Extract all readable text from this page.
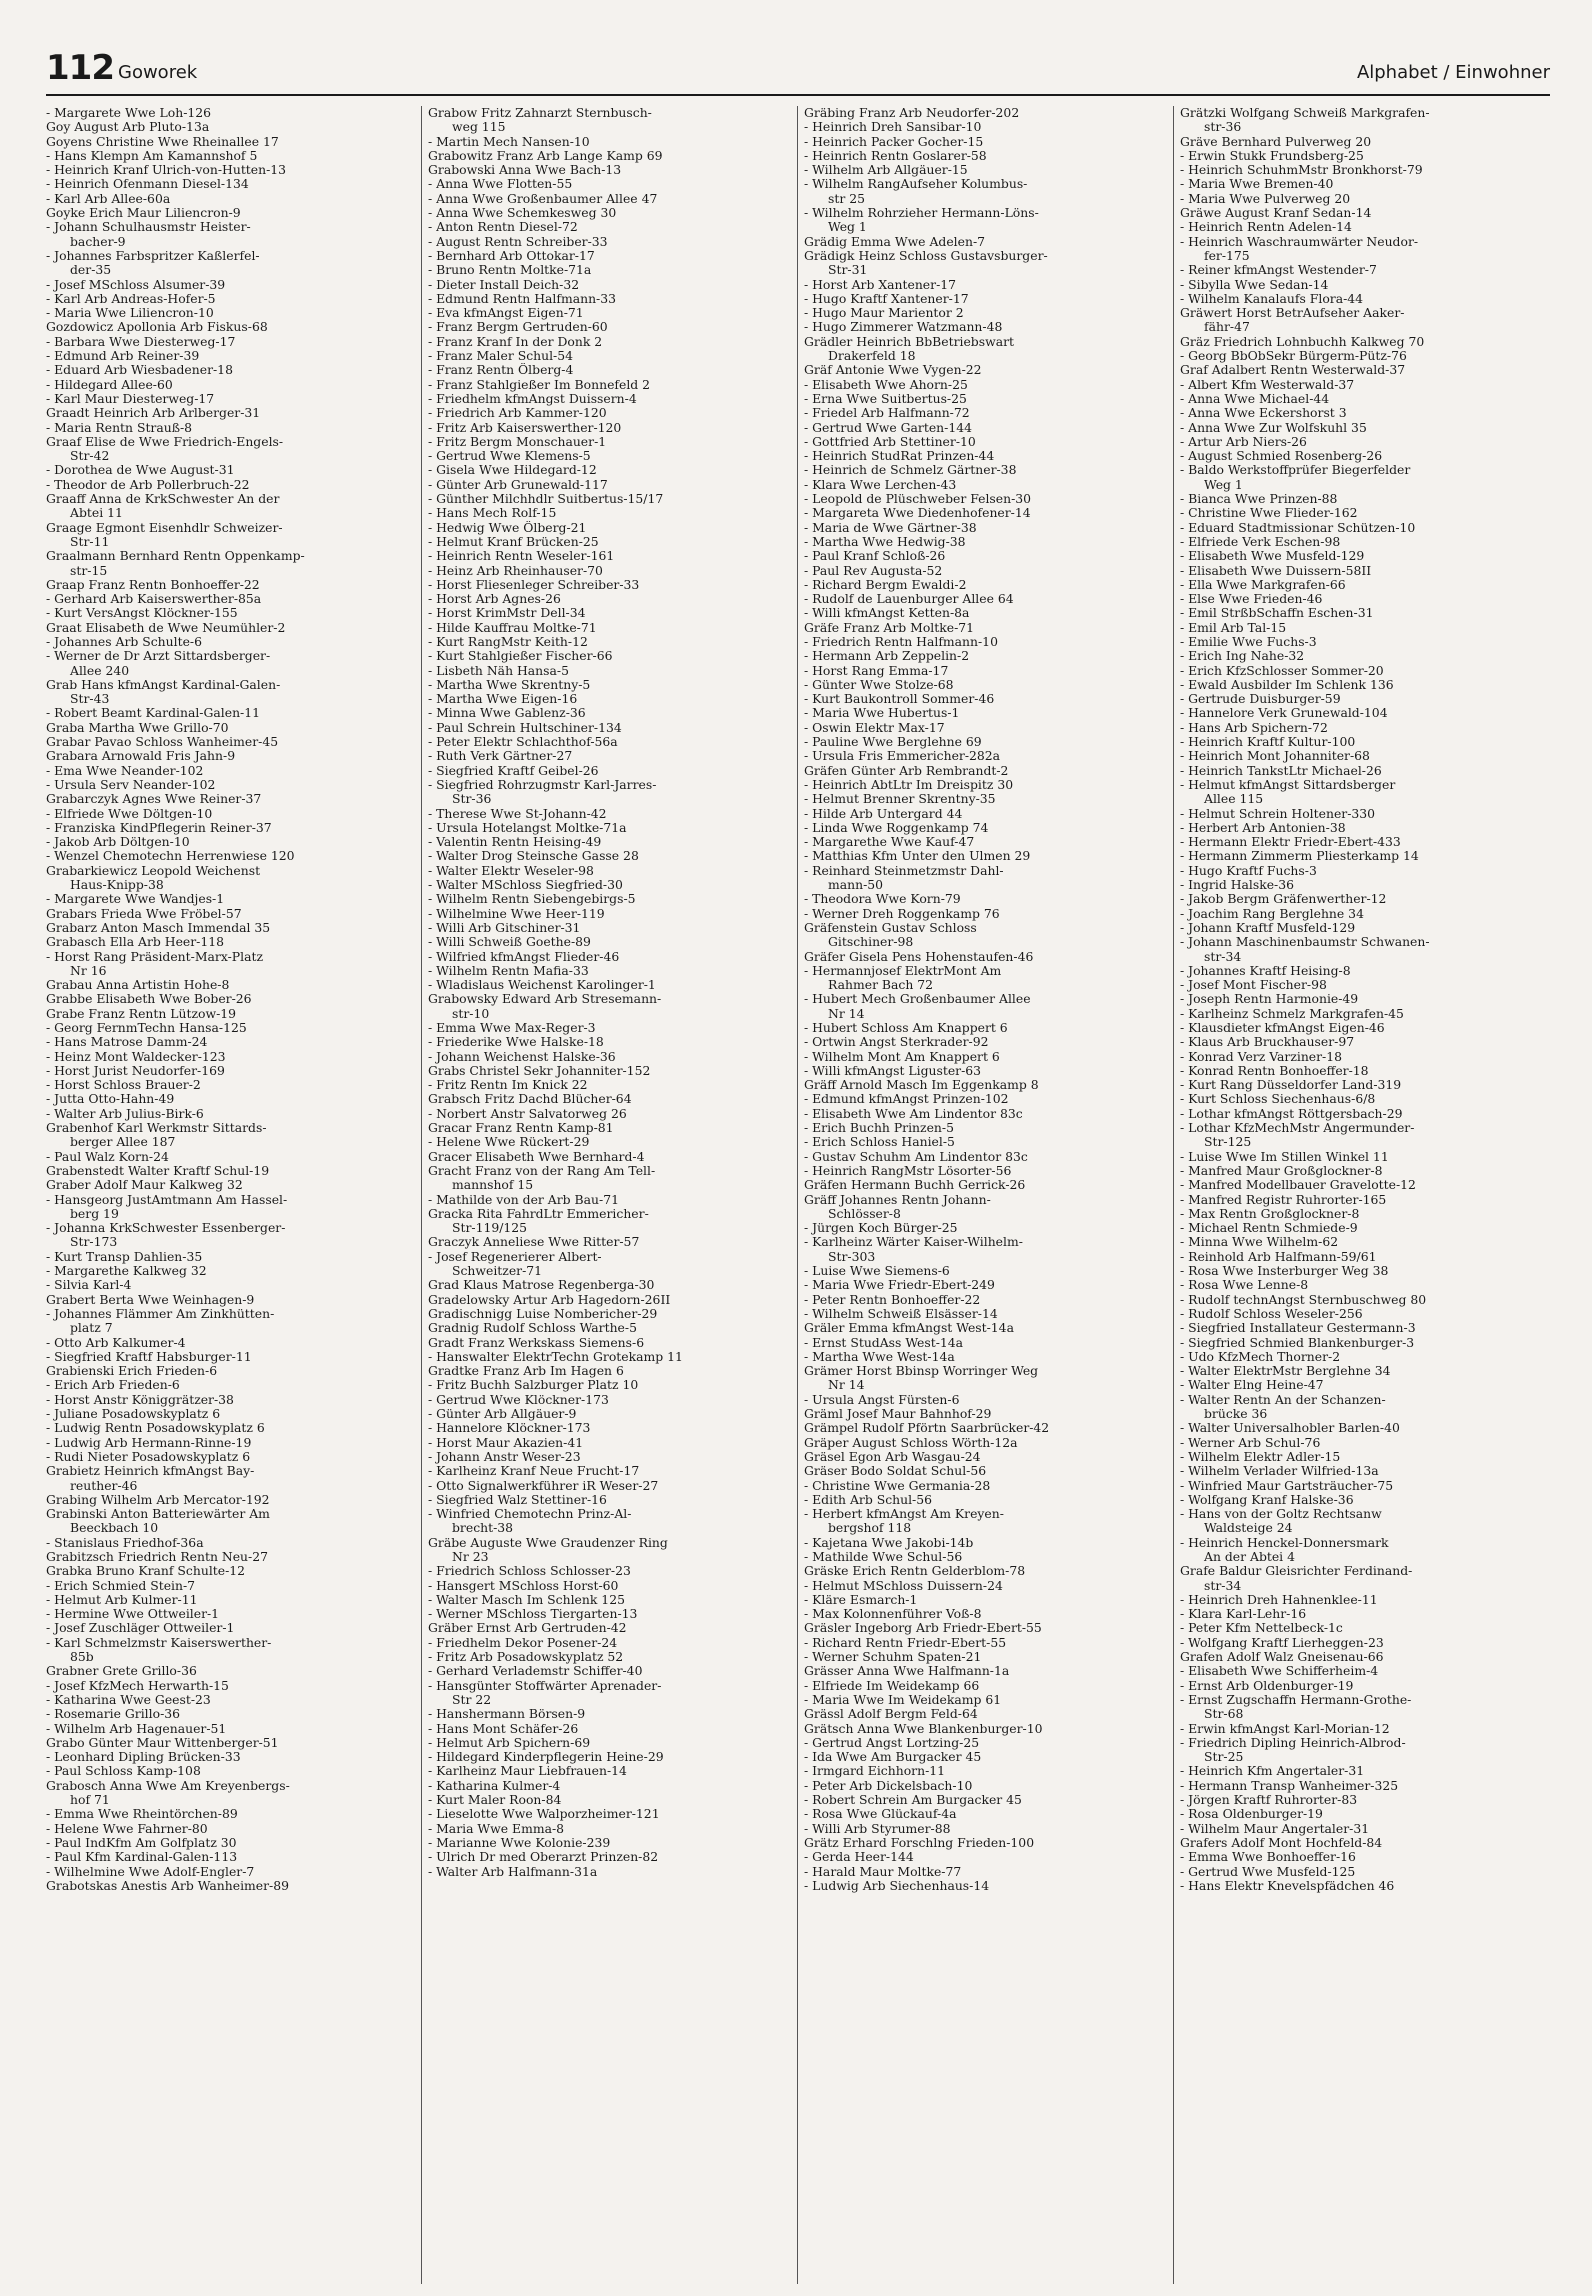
112 Goworek	Alphabet / Einwohner
- Margarete Wwe Loh-126
Goy August Arb Pluto-13a
Goyens Christine Wwe Rheinallee 17
- Hans Klempn Am Kamannshof 5
- Heinrich Kranf Ulrich-von-Hutten-13
- Heinrich Ofenmann Diesel-134
- Karl Arb Allee-60a
Goyke Erich Maur Liliencron-9
- Johann Schulhausmstr Heister-
bacher-9
- Johannes Farbspritzer Kaßlerfel-
der-35
- Josef MSchloss Alsumer-39
- Karl Arb Andreas-Hofer-5
- Maria Wwe Liliencron-10
Gozdowicz Apollonia Arb Fiskus-68
- Barbara Wwe Diesterweg-17
- Edmund Arb Reiner-39
- Eduard Arb Wiesbadener-18
- Hildegard Allee-60
- Karl Maur Diesterweg-17
Graadt Heinrich Arb Arlberger-31
- Maria Rentn Strauß-8
Graaf Elise de Wwe Friedrich-Engels-
Str-42
- Dorothea de Wwe August-31
- Theodor de Arb Pollerbruch-22
Graaff Anna de KrkSchwester An der
Abtei 11
Graage Egmont Eisenhdlr Schweizer-
Str-11
Graalmann Bernhard Rentn Oppenkamp-
str-15
Graap Franz Rentn Bonhoeffer-22
- Gerhard Arb Kaiserswerther-85a
- Kurt VersAngst Klöckner-155
Graat Elisabeth de Wwe Neumühler-2
- Johannes Arb Schulte-6
- Werner de Dr Arzt Sittardsberger-
Allee 240
Grab Hans kfmAngst Kardinal-Galen-
Str-43
- Robert Beamt Kardinal-Galen-11
Graba Martha Wwe Grillo-70
Grabar Pavao Schloss Wanheimer-45
Grabara Arnowald Fris Jahn-9
- Ema Wwe Neander-102
- Ursula Serv Neander-102
Grabarczyk Agnes Wwe Reiner-37
- Elfriede Wwe Döltgen-10
- Franziska KindPflegerin Reiner-37
- Jakob Arb Döltgen-10
- Wenzel Chemotechn Herrenwiese 120
Grabarkiewicz Leopold Weichenst
Haus-Knipp-38
- Margarete Wwe Wandjes-1
Grabars Frieda Wwe Fröbel-57
Grabarz Anton Masch Immendal 35
Grabasch Ella Arb Heer-118
- Horst Rang Präsident-Marx-Platz
Nr 16
Grabau Anna Artistin Hohe-8
Grabbe Elisabeth Wwe Bober-26
Grabe Franz Rentn Lützow-19
- Georg FernmTechn Hansa-125
- Hans Matrose Damm-24
- Heinz Mont Waldecker-123
- Horst Jurist Neudorfer-169
- Horst Schloss Brauer-2
- Jutta Otto-Hahn-49
- Walter Arb Julius-Birk-6
Grabenhof Karl Werkmstr Sittards-
berger Allee 187
- Paul Walz Korn-24
Grabenstedt Walter Kraftf Schul-19
Graber Adolf Maur Kalkweg 32
- Hansgeorg JustAmtmann Am Hassel-
berg 19
- Johanna KrkSchwester Essenberger-
Str-173
- Kurt Transp Dahlien-35
- Margarethe Kalkweg 32
- Silvia Karl-4
Grabert Berta Wwe Weinhagen-9
- Johannes Flämmer Am Zinkhütten-
platz 7
- Otto Arb Kalkumer-4
- Siegfried Kraftf Habsburger-11
Grabienski Erich Frieden-6
- Erich Arb Frieden-6
- Horst Anstr Königgrätzer-38
- Juliane Posadowskyplatz 6
- Ludwig Rentn Posadowskyplatz 6
- Ludwig Arb Hermann-Rinne-19
- Rudi Nieter Posadowskyplatz 6
Grabietz Heinrich kfmAngst Bay-
reuther-46
Grabing Wilhelm Arb Mercator-192
Grabinski Anton Batteriewärter Am
Beeckbach 10
- Stanislaus Friedhof-36a
Grabitzsch Friedrich Rentn Neu-27
Grabka Bruno Kranf Schulte-12
- Erich Schmied Stein-7
- Helmut Arb Kulmer-11
- Hermine Wwe Ottweiler-1
- Josef Zuschläger Ottweiler-1
- Karl Schmelzmstr Kaiserswerther-
85b
Grabner Grete Grillo-36
- Josef KfzMech Herwarth-15
- Katharina Wwe Geest-23
- Rosemarie Grillo-36
- Wilhelm Arb Hagenauer-51
Grabo Günter Maur Wittenberger-51
- Leonhard Dipling Brücken-33
- Paul Schloss Kamp-108
Grabosch Anna Wwe Am Kreyenbergs-
hof 71
- Emma Wwe Rheintörchen-89
- Helene Wwe Fahrner-80
- Paul IndKfm Am Golfplatz 30
- Paul Kfm Kardinal-Galen-113
- Wilhelmine Wwe Adolf-Engler-7
Grabotskas Anestis Arb Wanheimer-89
Grabow Fritz Zahnarzt Sternbusch-
weg 115
- Martin Mech Nansen-10
Grabowitz Franz Arb Lange Kamp 69
Grabowski Anna Wwe Bach-13
- Anna Wwe Flotten-55
- Anna Wwe Großenbaumer Allee 47
- Anna Wwe Schemkesweg 30
- Anton Rentn Diesel-72
- August Rentn Schreiber-33
- Bernhard Arb Ottokar-17
- Bruno Rentn Moltke-71a
- Dieter Install Deich-32
- Edmund Rentn Halfmann-33
- Eva kfmAngst Eigen-71
- Franz Bergm Gertruden-60
- Franz Kranf In der Donk 2
- Franz Maler Schul-54
- Franz Rentn Ölberg-4
- Franz Stahlgießer Im Bonnefeld 2
- Friedhelm kfmAngst Duissern-4
- Friedrich Arb Kammer-120
- Fritz Arb Kaiserswerther-120
- Fritz Bergm Monschauer-1
- Gertrud Wwe Klemens-5
- Gisela Wwe Hildegard-12
- Günter Arb Grunewald-117
- Günther Milchhdlr Suitbertus-15/17
- Hans Mech Rolf-15
- Hedwig Wwe Ölberg-21
- Helmut Kranf Brücken-25
- Heinrich Rentn Weseler-161
- Heinz Arb Rheinhauser-70
- Horst Fliesenleger Schreiber-33
- Horst Arb Agnes-26
- Horst KrimMstr Dell-34
- Hilde Kauffrau Moltke-71
- Kurt RangMstr Keith-12
- Kurt Stahlgießer Fischer-66
- Lisbeth Näh Hansa-5
- Martha Wwe Skrentny-5
- Martha Wwe Eigen-16
- Minna Wwe Gablenz-36
- Paul Schrein Hultschiner-134
- Peter Elektr Schlachthof-56a
- Ruth Verk Gärtner-27
- Siegfried Kraftf Geibel-26
- Siegfried Rohrzugmstr Karl-Jarres-
Str-36
- Therese Wwe St-Johann-42
- Ursula Hotelangst Moltke-71a
- Valentin Rentn Heising-49
- Walter Drog Steinsche Gasse 28
- Walter Elektr Weseler-98
- Walter MSchloss Siegfried-30
- Wilhelm Rentn Siebengebirgs-5
- Wilhelmine Wwe Heer-119
- Willi Arb Gitschiner-31
- Willi Schweiß Goethe-89
- Wilfried kfmAngst Flieder-46
- Wilhelm Rentn Mafia-33
- Wladislaus Weichenst Karolinger-1
Grabowsky Edward Arb Stresemann-
str-10
- Emma Wwe Max-Reger-3
- Friederike Wwe Halske-18
- Johann Weichenst Halske-36
Grabs Christel Sekr Johanniter-152
- Fritz Rentn Im Knick 22
Grabsch Fritz Dachd Blücher-64
- Norbert Anstr Salvatorweg 26
Gracar Franz Rentn Kamp-81
- Helene Wwe Rückert-29
Gracer Elisabeth Wwe Bernhard-4
Gracht Franz von der Rang Am Tell-
mannshof 15
- Mathilde von der Arb Bau-71
Gracka Rita FahrdLtr Emmericher-
Str-119/125
Graczyk Anneliese Wwe Ritter-57
- Josef Regenerierer Albert-
Schweitzer-71
Grad Klaus Matrose Regenberga-30
Gradelowsky Artur Arb Hagedorn-26II
Gradischnigg Luise Nombericher-29
Gradnig Rudolf Schloss Warthe-5
Gradt Franz Werkskass Siemens-6
- Hanswalter ElektrTechn Grotekamp 11
Gradtke Franz Arb Im Hagen 6
- Fritz Buchh Salzburger Platz 10
- Gertrud Wwe Klöckner-173
- Günter Arb Allgäuer-9
- Hannelore Klöckner-173
- Horst Maur Akazien-41
- Johann Anstr Weser-23
- Karlheinz Kranf Neue Frucht-17
- Otto Signalwerkführer iR Weser-27
- Siegfried Walz Stettiner-16
- Winfried Chemotechn Prinz-Al-
brecht-38
Gräbe Auguste Wwe Graudenzer Ring
Nr 23
- Friedrich Schloss Schlosser-23
- Hansgert MSchloss Horst-60
- Walter Masch Im Schlenk 125
- Werner MSchloss Tiergarten-13
Gräber Ernst Arb Gertruden-42
- Friedhelm Dekor Posener-24
- Fritz Arb Posadowskyplatz 52
- Gerhard Verlademstr Schiffer-40
- Hansgünter Stoffwärter Aprenader-
Str 22
- Hanshermann Börsen-9
- Hans Mont Schäfer-26
- Helmut Arb Spichern-69
- Hildegard Kinderpflegerin Heine-29
- Karlheinz Maur Liebfrauen-14
- Katharina Kulmer-4
- Kurt Maler Roon-84
- Lieselotte Wwe Walporzheimer-121
- Maria Wwe Emma-8
- Marianne Wwe Kolonie-239
- Ulrich Dr med Oberarzt Prinzen-82
- Walter Arb Halfmann-31a
Gräbing Franz Arb Neudorfer-202
- Heinrich Dreh Sansibar-10
- Heinrich Packer Gocher-15
- Heinrich Rentn Goslarer-58
- Wilhelm Arb Allgäuer-15
- Wilhelm RangAufseher Kolumbus-
str 25
- Wilhelm Rohrzieher Hermann-Löns-
Weg 1
Grädig Emma Wwe Adelen-7
Grädigk Heinz Schloss Gustavsburger-
Str-31
- Horst Arb Xantener-17
- Hugo Kraftf Xantener-17
- Hugo Maur Marientor 2
- Hugo Zimmerer Watzmann-48
Grädler Heinrich BbBetriebswart
Drakerfeld 18
Gräf Antonie Wwe Vygen-22
- Elisabeth Wwe Ahorn-25
- Erna Wwe Suitbertus-25
- Friedel Arb Halfmann-72
- Gertrud Wwe Garten-144
- Gottfried Arb Stettiner-10
- Heinrich StudRat Prinzen-44
- Heinrich de Schmelz Gärtner-38
- Klara Wwe Lerchen-43
- Leopold de Plüschweber Felsen-30
- Margareta Wwe Diedenhofener-14
- Maria de Wwe Gärtner-38
- Martha Wwe Hedwig-38
- Paul Kranf Schloß-26
- Paul Rev Augusta-52
- Richard Bergm Ewaldi-2
- Rudolf de Lauenburger Allee 64
- Willi kfmAngst Ketten-8a
Gräfe Franz Arb Moltke-71
- Friedrich Rentn Halfmann-10
- Hermann Arb Zeppelin-2
- Horst Rang Emma-17
- Günter Wwe Stolze-68
- Kurt Baukontroll Sommer-46
- Maria Wwe Hubertus-1
- Oswin Elektr Max-17
- Pauline Wwe Berglehne 69
- Ursula Fris Emmericher-282a
Gräfen Günter Arb Rembrandt-2
- Heinrich AbtLtr Im Dreispitz 30
- Helmut Brenner Skrentny-35
- Hilde Arb Untergard 44
- Linda Wwe Roggenkamp 74
- Margarethe Wwe Kauf-47
- Matthias Kfm Unter den Ulmen 29
- Reinhard Steinmetzmstr Dahl-
mann-50
- Theodora Wwe Korn-79
- Werner Dreh Roggenkamp 76
Gräfenstein Gustav Schloss
Gitschiner-98
Gräfer Gisela Pens Hohenstaufen-46
- Hermannjosef ElektrMont Am
Rahmer Bach 72
- Hubert Mech Großenbaumer Allee
Nr 14
- Hubert Schloss Am Knappert 6
- Ortwin Angst Sterkrader-92
- Wilhelm Mont Am Knappert 6
- Willi kfmAngst Liguster-63
Gräff Arnold Masch Im Eggenkamp 8
- Edmund kfmAngst Prinzen-102
- Elisabeth Wwe Am Lindentor 83c
- Erich Buchh Prinzen-5
- Erich Schloss Haniel-5
- Gustav Schuhm Am Lindentor 83c
- Heinrich RangMstr Lösorter-56
Gräfen Hermann Buchh Gerrick-26
Gräff Johannes Rentn Johann-
Schlösser-8
- Jürgen Koch Bürger-25
- Karlheinz Wärter Kaiser-Wilhelm-
Str-303
- Luise Wwe Siemens-6
- Maria Wwe Friedr-Ebert-249
- Peter Rentn Bonhoeffer-22
- Wilhelm Schweiß Elsässer-14
Gräler Emma kfmAngst West-14a
- Ernst StudAss West-14a
- Martha Wwe West-14a
Grämer Horst Bbinsp Worringer Weg
Nr 14
- Ursula Angst Fürsten-6
Gräml Josef Maur Bahnhof-29
Grämpel Rudolf Pförtn Saarbrücker-42
Gräper August Schloss Wörth-12a
Gräsel Egon Arb Wasgau-24
Gräser Bodo Soldat Schul-56
- Christine Wwe Germania-28
- Edith Arb Schul-56
- Herbert kfmAngst Am Kreyen-
bergshof 118
- Kajetana Wwe Jakobi-14b
- Mathilde Wwe Schul-56
Gräske Erich Rentn Gelderblom-78
- Helmut MSchloss Duissern-24
- Kläre Esmarch-1
- Max Kolonnenführer Voß-8
Gräsler Ingeborg Arb Friedr-Ebert-55
- Richard Rentn Friedr-Ebert-55
- Werner Schuhm Spaten-21
Grässer Anna Wwe Halfmann-1a
- Elfriede Im Weidekamp 66
- Maria Wwe Im Weidekamp 61
Grässl Adolf Bergm Feld-64
Grätsch Anna Wwe Blankenburger-10
- Gertrud Angst Lortzing-25
- Ida Wwe Am Burgacker 45
- Irmgard Eichhorn-11
- Peter Arb Dickelsbach-10
- Robert Schrein Am Burgacker 45
- Rosa Wwe Glückauf-4a
- Willi Arb Styrumer-88
Grätz Erhard Forschlng Frieden-100
- Gerda Heer-144
- Harald Maur Moltke-77
- Ludwig Arb Siechenhaus-14
Grätzki Wolfgang Schweiß Markgrafen-
str-36
Gräve Bernhard Pulverweg 20
- Erwin Stukk Frundsberg-25
- Heinrich SchuhmMstr Bronkhorst-79
- Maria Wwe Bremen-40
- Maria Wwe Pulverweg 20
Gräwe August Kranf Sedan-14
- Heinrich Rentn Adelen-14
- Heinrich Waschraumwärter Neudor-
fer-175
- Reiner kfmAngst Westender-7
- Sibylla Wwe Sedan-14
- Wilhelm Kanalaufs Flora-44
Gräwert Horst BetrAufseher Aaker-
fähr-47
Gräz Friedrich Lohnbuchh Kalkweg 70
- Georg BbObSekr Bürgerm-Pütz-76
Graf Adalbert Rentn Westerwald-37
- Albert Kfm Westerwald-37
- Anna Wwe Michael-44
- Anna Wwe Eckershorst 3
- Anna Wwe Zur Wolfskuhl 35
- Artur Arb Niers-26
- August Schmied Rosenberg-26
- Baldo Werkstoffprüfer Biegerfelder
Weg 1
- Bianca Wwe Prinzen-88
- Christine Wwe Flieder-162
- Eduard Stadtmissionar Schützen-10
- Elfriede Verk Eschen-98
- Elisabeth Wwe Musfeld-129
- Elisabeth Wwe Duissern-58II
- Ella Wwe Markgrafen-66
- Else Wwe Frieden-46
- Emil StrßbSchaffn Eschen-31
- Emil Arb Tal-15
- Emilie Wwe Fuchs-3
- Erich Ing Nahe-32
- Erich KfzSchlosser Sommer-20
- Ewald Ausbilder Im Schlenk 136
- Gertrude Duisburger-59
- Hannelore Verk Grunewald-104
- Hans Arb Spichern-72
- Heinrich Kraftf Kultur-100
- Heinrich Mont Johanniter-68
- Heinrich TankstLtr Michael-26
- Helmut kfmAngst Sittardsberger
Allee 115
- Helmut Schrein Holtener-330
- Herbert Arb Antonien-38
- Hermann Elektr Friedr-Ebert-433
- Hermann Zimmerm Pliesterkamp 14
- Hugo Kraftf Fuchs-3
- Ingrid Halske-36
- Jakob Bergm Gräfenwerther-12
- Joachim Rang Berglehne 34
- Johann Kraftf Musfeld-129
- Johann Maschinenbaumstr Schwanen-
str-34
- Johannes Kraftf Heising-8
- Josef Mont Fischer-98
- Joseph Rentn Harmonie-49
- Karlheinz Schmelz Markgrafen-45
- Klausdieter kfmAngst Eigen-46
- Klaus Arb Bruckhauser-97
- Konrad Verz Varziner-18
- Konrad Rentn Bonhoeffer-18
- Kurt Rang Düsseldorfer Land-319
- Kurt Schloss Siechenhaus-6/8
- Lothar kfmAngst Röttgersbach-29
- Lothar KfzMechMstr Angermunder-
Str-125
- Luise Wwe Im Stillen Winkel 11
- Manfred Maur Großglockner-8
- Manfred Modellbauer Gravelotte-12
- Manfred Registr Ruhrorter-165
- Max Rentn Großglockner-8
- Michael Rentn Schmiede-9
- Minna Wwe Wilhelm-62
- Reinhold Arb Halfmann-59/61
- Rosa Wwe Insterburger Weg 38
- Rosa Wwe Lenne-8
- Rudolf technAngst Sternbuschweg 80
- Rudolf Schloss Weseler-256
- Siegfried Installateur Gestermann-3
- Siegfried Schmied Blankenburger-3
- Udo KfzMech Thorner-2
- Walter ElektrMstr Berglehne 34
- Walter Elng Heine-47
- Walter Rentn An der Schanzen-
brücke 36
- Walter Universalhobler Barlen-40
- Werner Arb Schul-76
- Wilhelm Elektr Adler-15
- Wilhelm Verlader Wilfried-13a
- Winfried Maur Gartsträucher-75
- Wolfgang Kranf Halske-36
- Hans von der Goltz Rechtsanw
Waldsteige 24
- Heinrich Henckel-Donnersmark
An der Abtei 4
Grafe Baldur Gleisrichter Ferdinand-
str-34
- Heinrich Dreh Hahnenklee-11
- Klara Karl-Lehr-16
- Peter Kfm Nettelbeck-1c
- Wolfgang Kraftf Lierheggen-23
Grafen Adolf Walz Gneisenau-66
- Elisabeth Wwe Schifferheim-4
- Ernst Arb Oldenburger-19
- Ernst Zugschaffn Hermann-Grothe-
Str-68
- Erwin kfmAngst Karl-Morian-12
- Friedrich Dipling Heinrich-Albrod-
Str-25
- Heinrich Kfm Angertaler-31
- Hermann Transp Wanheimer-325
- Jörgen Kraftf Ruhrorter-83
- Rosa Oldenburger-19
- Wilhelm Maur Angertaler-31
Grafers Adolf Mont Hochfeld-84
- Emma Wwe Bonhoeffer-16
- Gertrud Wwe Musfeld-125
- Hans Elektr Knevelspfädchen 46
